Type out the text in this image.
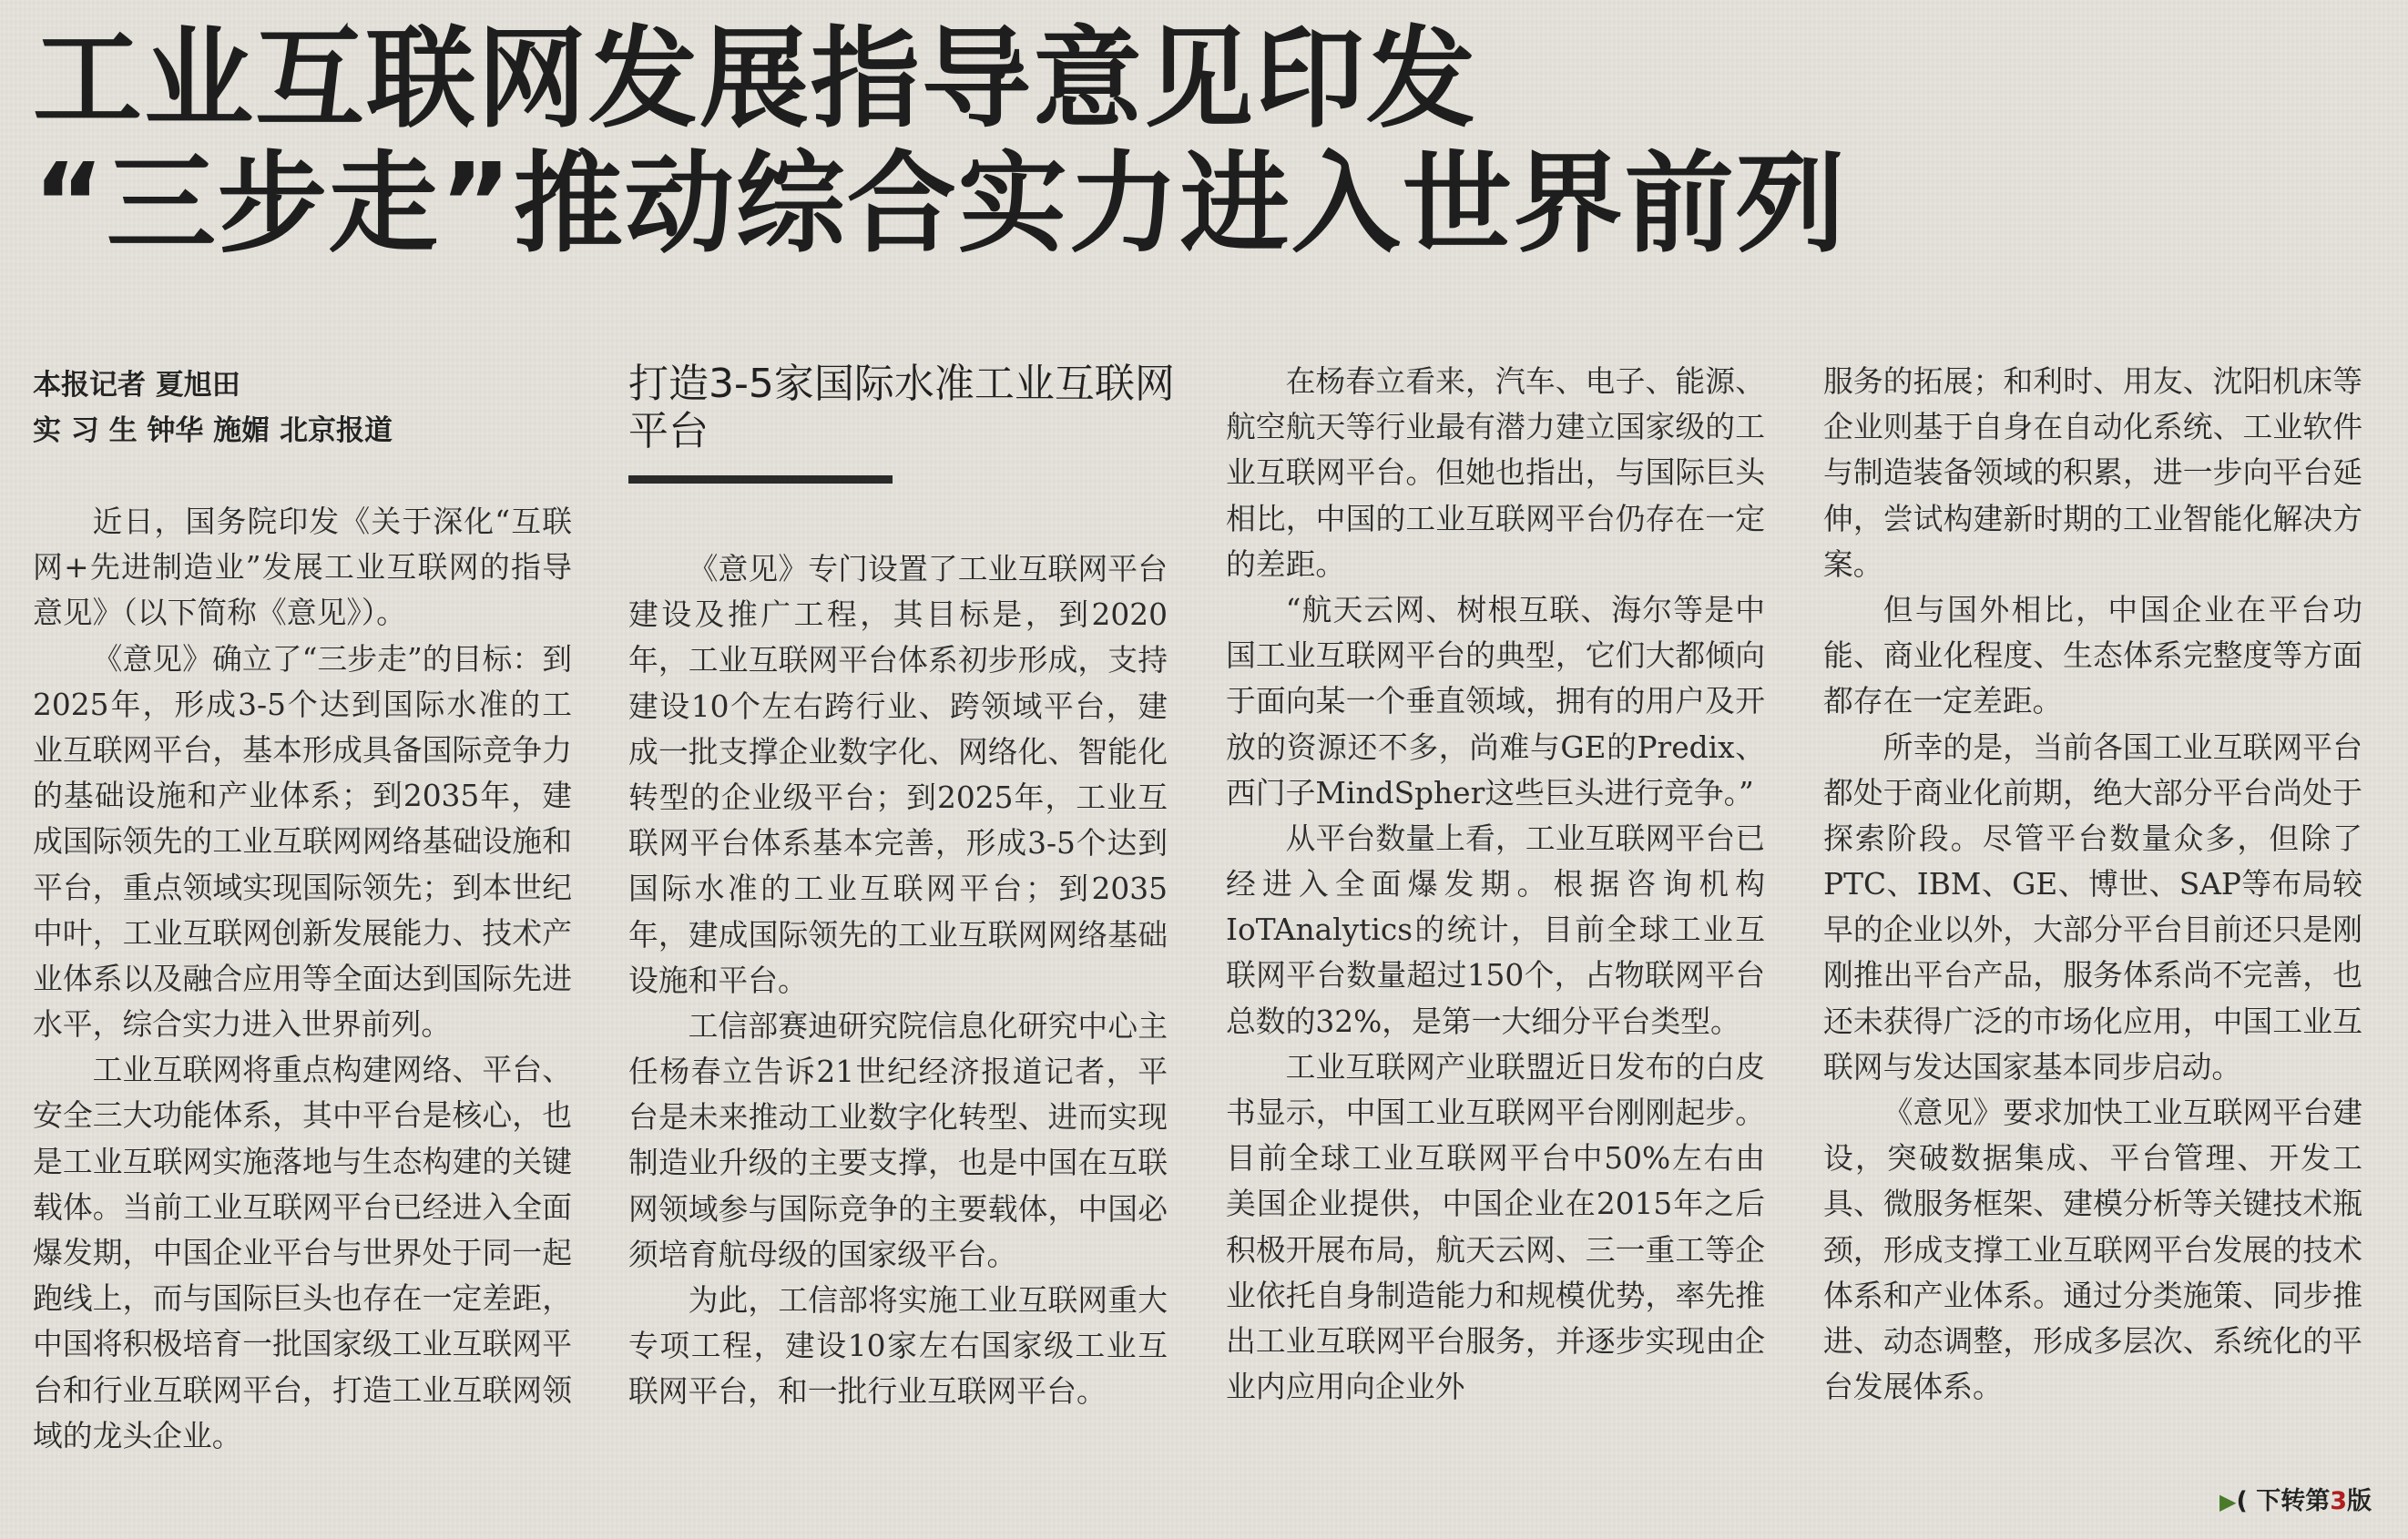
工业互联网发展指导意见印发
“三步走”推动综合实力进入世界前列
本报记者 夏旭田
实 习 生 钟华 施媚 北京报道
打造3-5家国际水准工业互联网平台

近日，国务院印发《关于深化“互联网+先进制造业”发展工业互联网的指导意见》（以下简称《意见》）。

《意见》确立了“三步走”的目标：到2025年，形成3-5个达到国际水准的工业互联网平台，基本形成具备国际竞争力的基础设施和产业体系；到2035年，建成国际领先的工业互联网网络基础设施和平台，重点领域实现国际领先；到本世纪中叶，工业互联网创新发展能力、技术产业体系以及融合应用等全面达到国际先进水平，综合实力进入世界前列。

工业互联网将重点构建网络、平台、安全三大功能体系，其中平台是核心，也是工业互联网实施落地与生态构建的关键载体。当前工业互联网平台已经进入全面爆发期，中国企业平台与世界处于同一起跑线上，而与国际巨头也存在一定差距，中国将积极培育一批国家级工业互联网平台和行业互联网平台，打造工业互联网领域的龙头企业。

《意见》专门设置了工业互联网平台建设及推广工程，其目标是，到2020年，工业互联网平台体系初步形成，支持建设10个左右跨行业、跨领域平台，建成一批支撑企业数字化、网络化、智能化转型的企业级平台；到2025年，工业互联网平台体系基本完善，形成3-5个达到国际水准的工业互联网平台；到2035年，建成国际领先的工业互联网网络基础设施和平台。

工信部赛迪研究院信息化研究中心主任杨春立告诉21世纪经济报道记者，平台是未来推动工业数字化转型、进而实现制造业升级的主要支撑，也是中国在互联网领域参与国际竞争的主要载体，中国必须培育航母级的国家级平台。

为此，工信部将实施工业互联网重大专项工程，建设10家左右国家级工业互联网平台，和一批行业互联网平台。

在杨春立看来，汽车、电子、能源、航空航天等行业最有潜力建立国家级的工业互联网平台。但她也指出，与国际巨头相比，中国的工业互联网平台仍存在一定的差距。

“航天云网、树根互联、海尔等是中国工业互联网平台的典型，它们大都倾向于面向某一个垂直领域，拥有的用户及开放的资源还不多，尚难与GE的Predix、西门子MindSpher这些巨头进行竞争。”

从平台数量上看，工业互联网平台已经进入全面爆发期。根据咨询机构IoTAnalytics的统计，目前全球工业互联网平台数量超过150个，占物联网平台总数的32%，是第一大细分平台类型。

工业互联网产业联盟近日发布的白皮书显示，中国工业互联网平台刚刚起步。目前全球工业互联网平台中50%左右由美国企业提供，中国企业在2015年之后积极开展布局，航天云网、三一重工等企业依托自身制造能力和规模优势，率先推出工业互联网平台服务，并逐步实现由企业内应用向企业外

服务的拓展；和利时、用友、沈阳机床等企业则基于自身在自动化系统、工业软件与制造装备领域的积累，进一步向平台延伸，尝试构建新时期的工业智能化解决方案。

但与国外相比，中国企业在平台功能、商业化程度、生态体系完整度等方面都存在一定差距。

所幸的是，当前各国工业互联网平台都处于商业化前期，绝大部分平台尚处于探索阶段。尽管平台数量众多，但除了PTC、IBM、GE、博世、SAP等布局较早的企业以外，大部分平台目前还只是刚刚推出平台产品，服务体系尚不完善，也还未获得广泛的市场化应用，中国工业互联网与发达国家基本同步启动。

《意见》要求加快工业互联网平台建设，突破数据集成、平台管理、开发工具、微服务框架、建模分析等关键技术瓶颈，形成支撑工业互联网平台发展的技术体系和产业体系。通过分类施策、同步推进、动态调整，形成多层次、系统化的平台发展体系。

▶( 下转第3版
